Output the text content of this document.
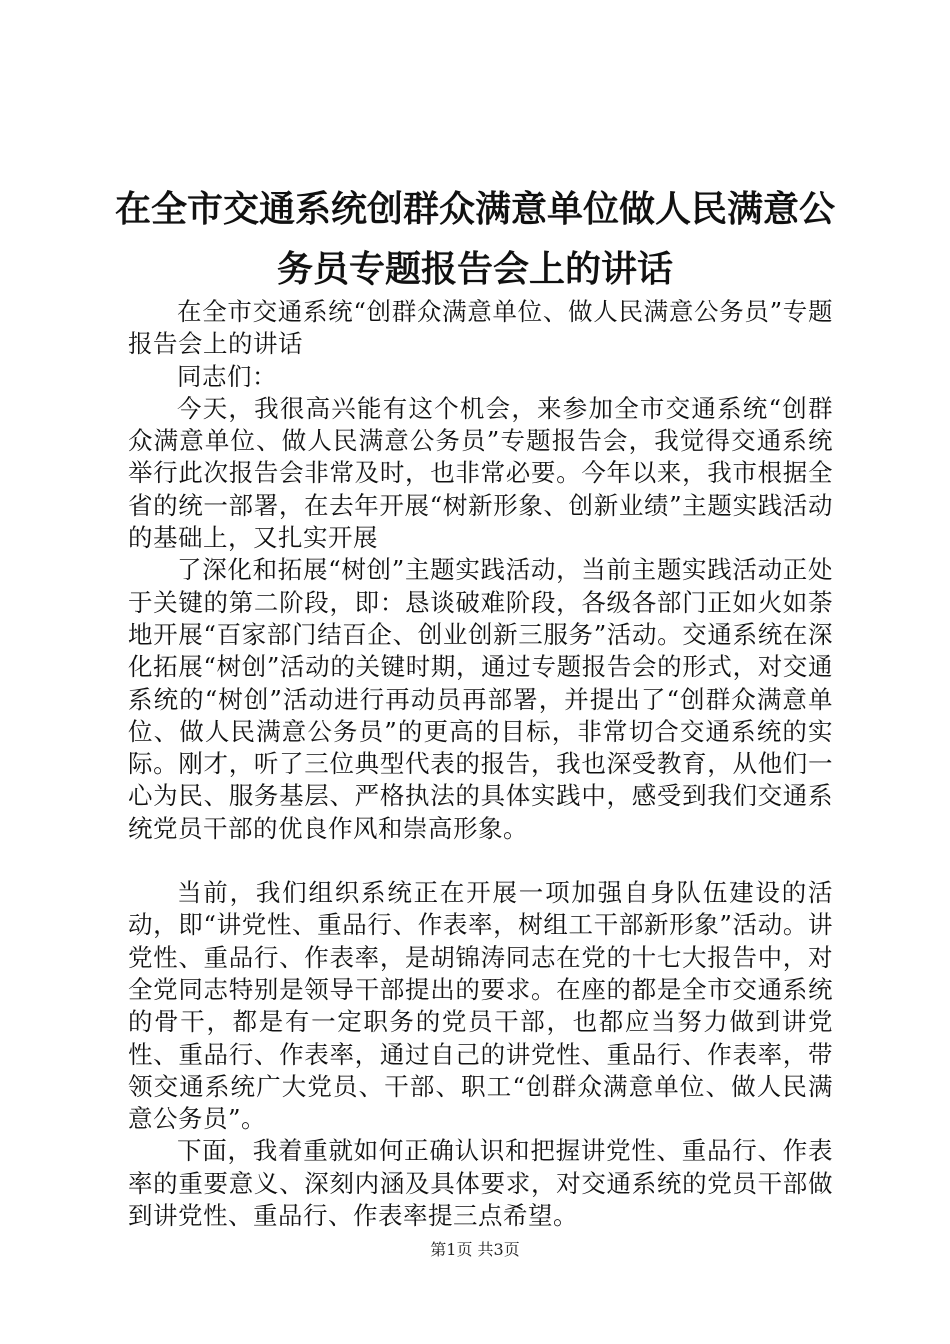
在全市交通系统创群众满意单位做人民满意公
务员专题报告会上的讲话

在全市交通系统“创群众满意单位、做人民满意公务员”专题报告会上的讲话

同志们：

今天，我很高兴能有这个机会，来参加全市交通系统“创群众满意单位、做人民满意公务员”专题报告会，我觉得交通系统举行此次报告会非常及时，也非常必要。今年以来，我市根据全省的统一部署，在去年开展“树新形象、创新业绩”主题实践活动的基础上，又扎实开展

了深化和拓展“树创”主题实践活动，当前主题实践活动正处于关键的第二阶段，即：恳谈破难阶段，各级各部门正如火如荼地开展“百家部门结百企、创业创新三服务”活动。交通系统在深化拓展“树创”活动的关键时期，通过专题报告会的形式，对交通系统的“树创”活动进行再动员再部署，并提出了“创群众满意单位、做人民满意公务员”的更高的目标，非常切合交通系统的实际。刚才，听了三位典型代表的报告，我也深受教育，从他们一心为民、服务基层、严格执法的具体实践中，感受到我们交通系统党员干部的优良作风和崇高形象。

当前，我们组织系统正在开展一项加强自身队伍建设的活动，即“讲党性、重品行、作表率，树组工干部新形象”活动。讲党性、重品行、作表率，是胡锦涛同志在党的十七大报告中，对全党同志特别是领导干部提出的要求。在座的都是全市交通系统的骨干，都是有一定职务的党员干部，也都应当努力做到讲党性、重品行、作表率，通过自己的讲党性、重品行、作表率，带领交通系统广大党员、干部、职工“创群众满意单位、做人民满意公务员”。

下面，我着重就如何正确认识和把握讲党性、重品行、作表率的重要意义、深刻内涵及具体要求，对交通系统的党员干部做到讲党性、重品行、作表率提三点希望。

第1页 共3页
